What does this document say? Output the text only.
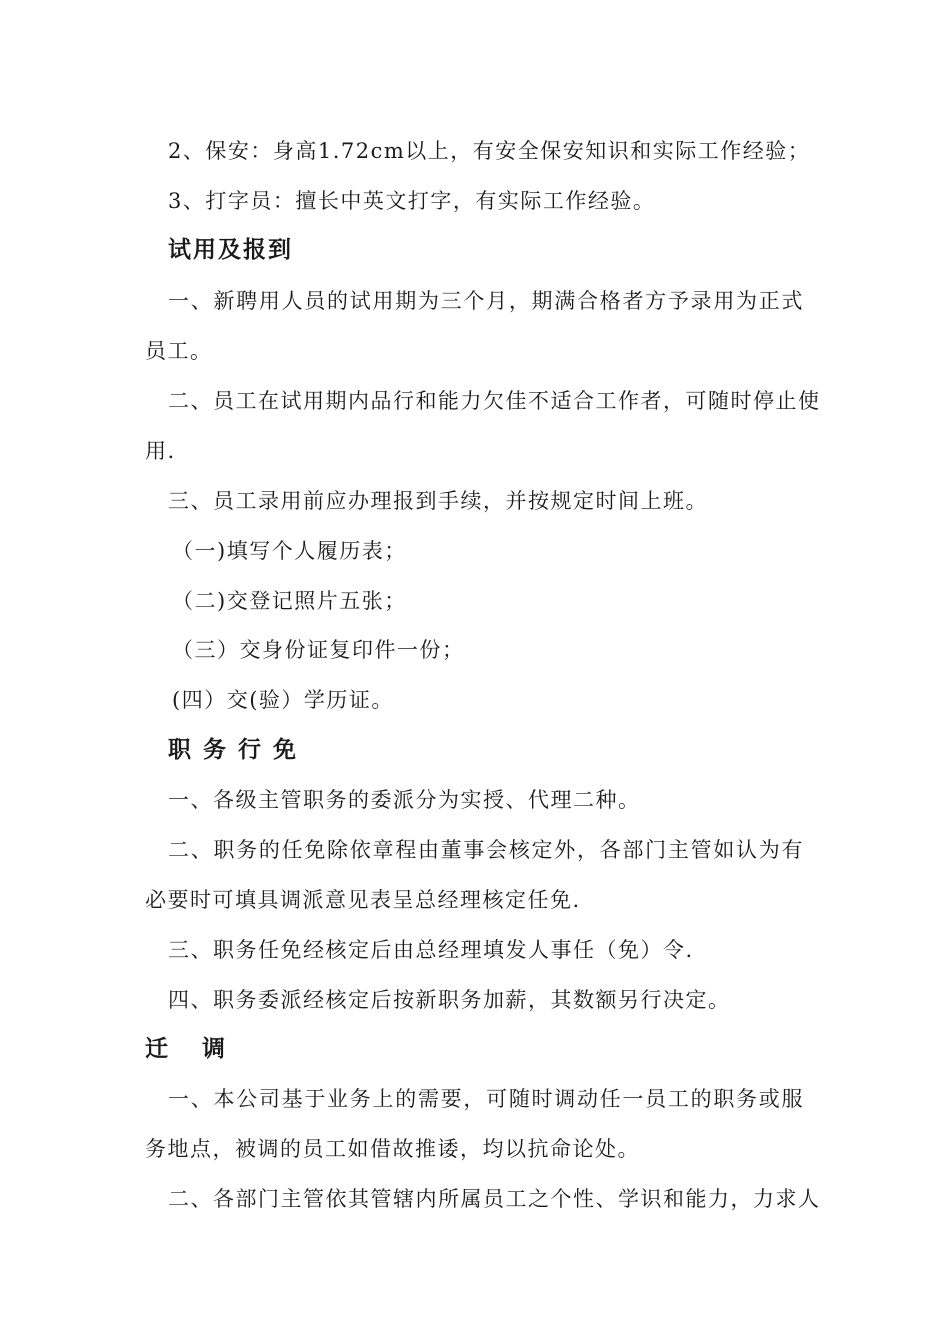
2、保安：身高1.72cm以上，有安全保安知识和实际工作经验；
3、打字员：擅长中英文打字，有实际工作经验。
试用及报到
一、新聘用人员的试用期为三个月，期满合格者方予录用为正式
员工。
二、员工在试用期内品行和能力欠佳不适合工作者，可随时停止使
用.
三、员工录用前应办理报到手续，并按规定时间上班。
（一)填写个人履历表；
（二)交登记照片五张；
（三）交身份证复印件一份；
(四）交(验）学历证。
职务行免
一、各级主管职务的委派分为实授、代理二种。
二、职务的任免除依章程由董事会核定外，各部门主管如认为有
必要时可填具调派意见表呈总经理核定任免.
三、职务任免经核定后由总经理填发人事任（免）令.
四、职务委派经核定后按新职务加薪，其数额另行决定。
迁调
一、本公司基于业务上的需要，可随时调动任一员工的职务或服
务地点，被调的员工如借故推诿，均以抗命论处。
二、各部门主管依其管辖内所属员工之个性、学识和能力，力求人
